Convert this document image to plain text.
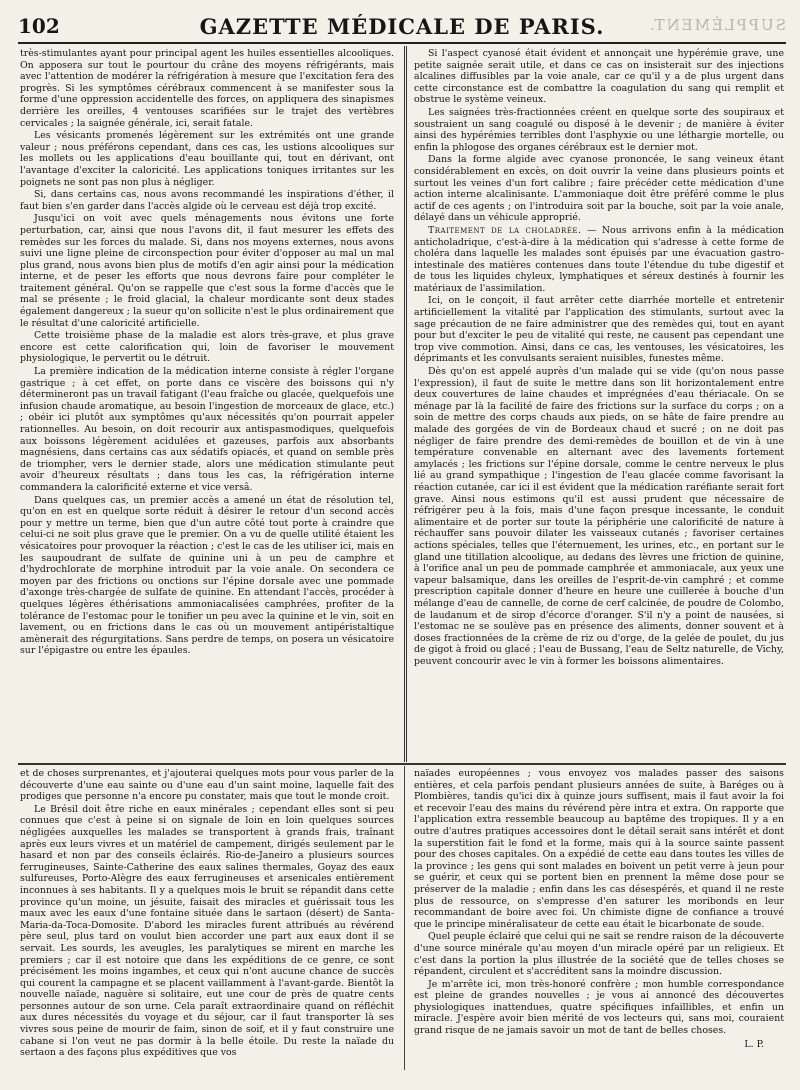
102	GAZETTE MÉDICALE DE PARIS.	SUPPLÉMENT.

très-stimulantes ayant pour principal agent les huiles essentielles alcooliques. On apposera sur tout le pourtour du crâne des moyens réfrigérants, mais avec l'attention de modérer la réfrigération à mesure que l'excitation fera des progrès. Si les symptômes cérébraux commencent à se manifester sous la forme d'une oppression accidentelle des forces, on appliquera des sinapismes derrière les oreilles, 4 ventouses scarifiées sur le trajet des vertèbres cervicales ; la saignée générale, ici, serait fatale.

Les vésicants promenés légèrement sur les extrémités ont une grande valeur ; nous préférons cependant, dans ces cas, les ustions alcooliques sur les mollets ou les applications d'eau bouillante qui, tout en dérivant, ont l'avantage d'exciter la caloricité. Les applications toniques irritantes sur les poignets ne sont pas non plus à négliger.

Si, dans certains cas, nous avons recommandé les inspirations d'éther, il faut bien s'en garder dans l'accès algide où le cerveau est déjà trop excité.

Jusqu'ici on voit avec quels ménagements nous évitons une forte perturbation, car, ainsi que nous l'avons dit, il faut mesurer les effets des remèdes sur les forces du malade. Si, dans nos moyens externes, nous avons suivi une ligne pleine de circonspection pour éviter d'opposer au mal un mal plus grand, nous avons bien plus de motifs d'en agir ainsi pour la médication interne, et de peser les efforts que nous devrons faire pour compléter le traitement général. Qu'on se rappelle que c'est sous la forme d'accès que le mal se présente ; le froid glacial, la chaleur mordicante sont deux stades également dangereux ; la sueur qu'on sollicite n'est le plus ordinairement que le résultat d'une caloricité artificielle.

Cette troisième phase de la maladie est alors très-grave, et plus grave encore est cette calorification qui, loin de favoriser le mouvement physiologique, le pervertit ou le détruit.

La première indication de la médication interne consiste à régler l'organe gastrique ; à cet effet, on porte dans ce viscère des boissons qui n'y détermineront pas un travail fatigant (l'eau fraîche ou glacée, quelquefois une infusion chaude aromatique, au besoin l'ingestion de morceaux de glace, etc.) ; obéir ici plutôt aux symptômes qu'aux nécessités qu'on pourrait appeler rationnelles. Au besoin, on doit recourir aux antispasmodiques, quelquefois aux boissons légèrement acidulées et gazeuses, parfois aux absorbants magnésiens, dans certains cas aux sédatifs opiacés, et quand on semble près de triompher, vers le dernier stade, alors une médication stimulante peut avoir d'heureux résultats ; dans tous les cas, la réfrigération interne commandera la calorificité externe et vice versâ.

Dans quelques cas, un premier accès a amené un état de résolution tel, qu'on en est en quelque sorte réduit à désirer le retour d'un second accès pour y mettre un terme, bien que d'un autre côté tout porte à craindre que celui-ci ne soit plus grave que le premier. On a vu de quelle utilité étaient les vésicatoires pour provoquer la réaction ; c'est le cas de les utiliser ici, mais en les saupoudrant de sulfate de quinine uni à un peu de camphre et d'hydrochlorate de morphine introduit par la voie anale. On secondera ce moyen par des frictions ou onctions sur l'épine dorsale avec une pommade d'axonge très-chargée de sulfate de quinine. En attendant l'accès, procéder à quelques légères éthérisations ammoniacalisées camphrées, profiter de la tolérance de l'estomac pour le tonifier un peu avec la quinine et le vin, soit en lavement, ou en frictions dans le cas où un mouvement antipéristaltique amènerait des régurgitations. Sans perdre de temps, on posera un vésicatoire sur l'épigastre ou entre les épaules.

Si l'aspect cyanosé était évident et annonçait une hypérémie grave, une petite saignée serait utile, et dans ce cas on insisterait sur des injections alcalines diffusibles par la voie anale, car ce qu'il y a de plus urgent dans cette circonstance est de combattre la coagulation du sang qui remplit et obstrue le système veineux.

Les saignées très-fractionnées créent en quelque sorte des soupiraux et soustraient un sang coagulé ou disposé à le devenir ; de manière à éviter ainsi des hypérémies terribles dont l'asphyxie ou une léthargie mortelle, ou enfin la phlogose des organes cérébraux est le dernier mot.

Dans la forme algide avec cyanose prononcée, le sang veineux étant considérablement en excès, on doit ouvrir la veine dans plusieurs points et surtout les veines d'un fort calibre ; faire précéder cette médication d'une action interne alcalinisante. L'ammoniaque doit être préféré comme le plus actif de ces agents ; on l'introduira soit par la bouche, soit par la voie anale, délayé dans un véhicule approprié.

Traitement de la choladrée. — Nous arrivons enfin à la médication anticholadrique, c'est-à-dire à la médication qui s'adresse à cette forme de choléra dans laquelle les malades sont épuisés par une évacuation gastro-intestinale des matières contenues dans toute l'étendue du tube digestif et de tous les liquides chyleux, lymphatiques et séreux destinés à fournir les matériaux de l'assimilation.

Ici, on le conçoit, il faut arrêter cette diarrhée mortelle et entretenir artificiellement la vitalité par l'application des stimulants, surtout avec la sage précaution de ne faire administrer que des remèdes qui, tout en ayant pour but d'exciter le peu de vitalité qui reste, ne causent pas cependant une trop vive commotion. Ainsi, dans ce cas, les ventouses, les vésicatoires, les déprimants et les convulsants seraient nuisibles, funestes même.

Dès qu'on est appelé auprès d'un malade qui se vide (qu'on nous passe l'expression), il faut de suite le mettre dans son lit horizontalement entre deux couvertures de laine chaudes et imprégnées d'eau thériacale. On se ménage par là la facilité de faire des frictions sur la surface du corps ; on a soin de mettre des corps chauds aux pieds, on se hâte de faire prendre au malade des gorgées de vin de Bordeaux chaud et sucré ; on ne doit pas négliger de faire prendre des demi-remèdes de bouillon et de vin à une température convenable en alternant avec des lavements fortement amylacés ; les frictions sur l'épine dorsale, comme le centre nerveux le plus lié au grand sympathique ; l'ingestion de l'eau glacée comme favorisant la réaction cutanée, car ici il est évident que la médication raréfiante serait fort grave. Ainsi nous estimons qu'il est aussi prudent que nécessaire de réfrigérer peu à la fois, mais d'une façon presque incessante, le conduit alimentaire et de porter sur toute la périphérie une calorificité de nature à réchauffer sans pouvoir dilater les vaisseaux cutanés ; favoriser certaines actions spéciales, telles que l'éternuement, les urines, etc., en portant sur le gland une titillation alcoolique, au dedans des lèvres une friction de quinine, à l'orifice anal un peu de pommade camphrée et ammoniacale, aux yeux une vapeur balsamique, dans les oreilles de l'esprit-de-vin camphré ; et comme prescription capitale donner d'heure en heure une cuillerée à bouche d'un mélange d'eau de cannelle, de corne de cerf calcinée, de poudre de Colombo, de laudanum et de sirop d'écorce d'oranger. S'il n'y a point de nausées, si l'estomac ne se soulève pas en présence des aliments, donner souvent et à doses fractionnées de la crème de riz ou d'orge, de la gelée de poulet, du jus de gigot à froid ou glacé ; l'eau de Bussang, l'eau de Seltz naturelle, de Vichy, peuvent concourir avec le vin à former les boissons alimentaires.

et de choses surprenantes, et j'ajouterai quelques mots pour vous parler de la découverte d'une eau sainte ou d'une eau d'un saint moine, laquelle fait des prodiges que personne n'a encore pu constater, mais que tout le monde croit.

Le Brésil doit être riche en eaux minérales ; cependant elles sont si peu connues que c'est à peine si on signale de loin en loin quelques sources négligées auxquelles les malades se transportent à grands frais, traînant après eux leurs vivres et un matériel de campement, dirigés seulement par le hasard et non par des conseils éclairés. Rio-de-Janeiro a plusieurs sources ferrugineuses, Sainte-Catherine des eaux salines thermales, Goyaz des eaux sulfureuses, Porto-Alègre des eaux ferrugineuses et arsenicales entièrement inconnues à ses habitants. Il y a quelques mois le bruit se répandit dans cette province qu'un moine, un jésuite, faisait des miracles et guérissait tous les maux avec les eaux d'une fontaine située dans le sartaon (désert) de Santa-Maria-da-Toca-Domosite. D'abord les miracles furent attribués au révérend père seul, plus tard on voulut bien accorder une part aux eaux dont il se servait. Les sourds, les aveugles, les paralytiques se mirent en marche les premiers ; car il est notoire que dans les expéditions de ce genre, ce sont précisément les moins ingambes, et ceux qui n'ont aucune chance de succès qui courent la campagne et se placent vaillamment à l'avant-garde. Bientôt la nouvelle naïade, naguère si solitaire, eut une cour de près de quatre cents personnes autour de son urne. Cela paraît extraordinaire quand on réfléchit aux dures nécessités du voyage et du séjour, car il faut transporter là ses vivres sous peine de mourir de faim, sinon de soif, et il y faut construire une cabane si l'on veut ne pas dormir à la belle étoile. Du reste la naïade du sertaon a des façons plus expéditives que vos

naïades européennes ; vous envoyez vos malades passer des saisons entières, et cela parfois pendant plusieurs années de suite, à Baréges ou à Plombières, tandis qu'ici dix à quinze jours suffisent, mais il faut avoir la foi et recevoir l'eau des mains du révérend père intra et extra. On rapporte que l'application extra ressemble beaucoup au baptême des tropiques. Il y a en outre d'autres pratiques accessoires dont le détail serait sans intérêt et dont la superstition fait le fond et la forme, mais qui à la source sainte passent pour des choses capitales. On a expédié de cette eau dans toutes les villes de la province ; les gens qui sont malades en boivent un petit verre à jeun pour se guérir, et ceux qui se portent bien en prennent la même dose pour se préserver de la maladie ; enfin dans les cas désespérés, et quand il ne reste plus de ressource, on s'empresse d'en saturer les moribonds en leur recommandant de boire avec foi. Un chimiste digne de confiance a trouvé que le principe minéralisateur de cette eau était le bicarbonate de soude.

Quel peuple éclairé que celui qui ne sait se rendre raison de la découverte d'une source minérale qu'au moyen d'un miracle opéré par un religieux. Et c'est dans la portion la plus illustrée de la société que de telles choses se répandent, circulent et s'accréditent sans la moindre discussion.

Je m'arrête ici, mon très-honoré confrère ; mon humble correspondance est pleine de grandes nouvelles ; je vous ai annoncé des découvertes physiologiques inattendues, quatre spécifiques infaillibles, et enfin un miracle. J'espère avoir bien mérité de vos lecteurs qui, sans moi, couraient grand risque de ne jamais savoir un mot de tant de belles choses.

L. P.
